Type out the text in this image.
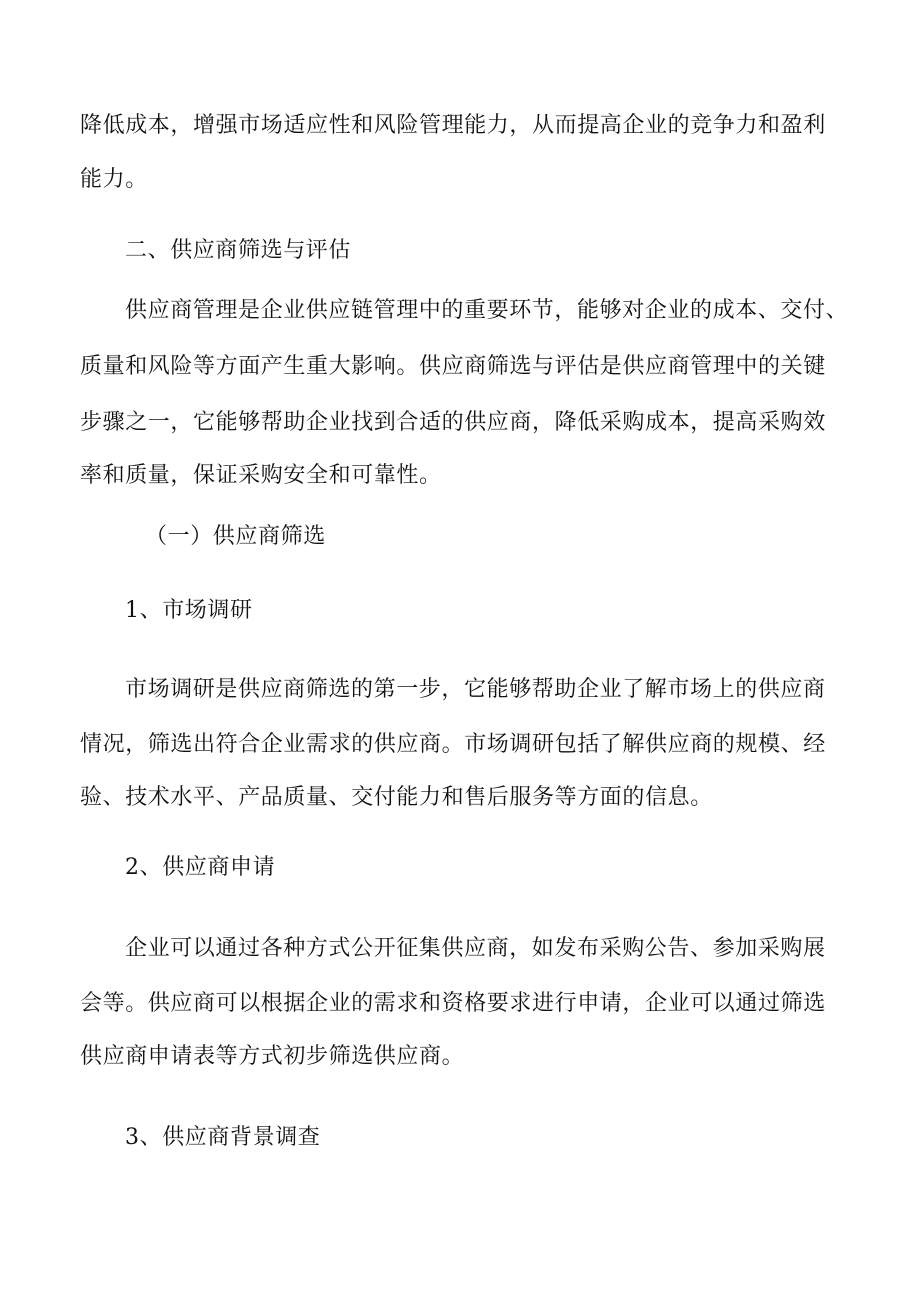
降低成本，增强市场适应性和风险管理能力，从而提高企业的竞争力和盈利
能力。
二、供应商筛选与评估
供应商管理是企业供应链管理中的重要环节，能够对企业的成本、交付、
质量和风险等方面产生重大影响。供应商筛选与评估是供应商管理中的关键
步骤之一，它能够帮助企业找到合适的供应商，降低采购成本，提高采购效
率和质量，保证采购安全和可靠性。
（一）供应商筛选
1、市场调研
市场调研是供应商筛选的第一步，它能够帮助企业了解市场上的供应商
情况，筛选出符合企业需求的供应商。市场调研包括了解供应商的规模、经
验、技术水平、产品质量、交付能力和售后服务等方面的信息。
2、供应商申请
企业可以通过各种方式公开征集供应商，如发布采购公告、参加采购展
会等。供应商可以根据企业的需求和资格要求进行申请，企业可以通过筛选
供应商申请表等方式初步筛选供应商。
3、供应商背景调查
